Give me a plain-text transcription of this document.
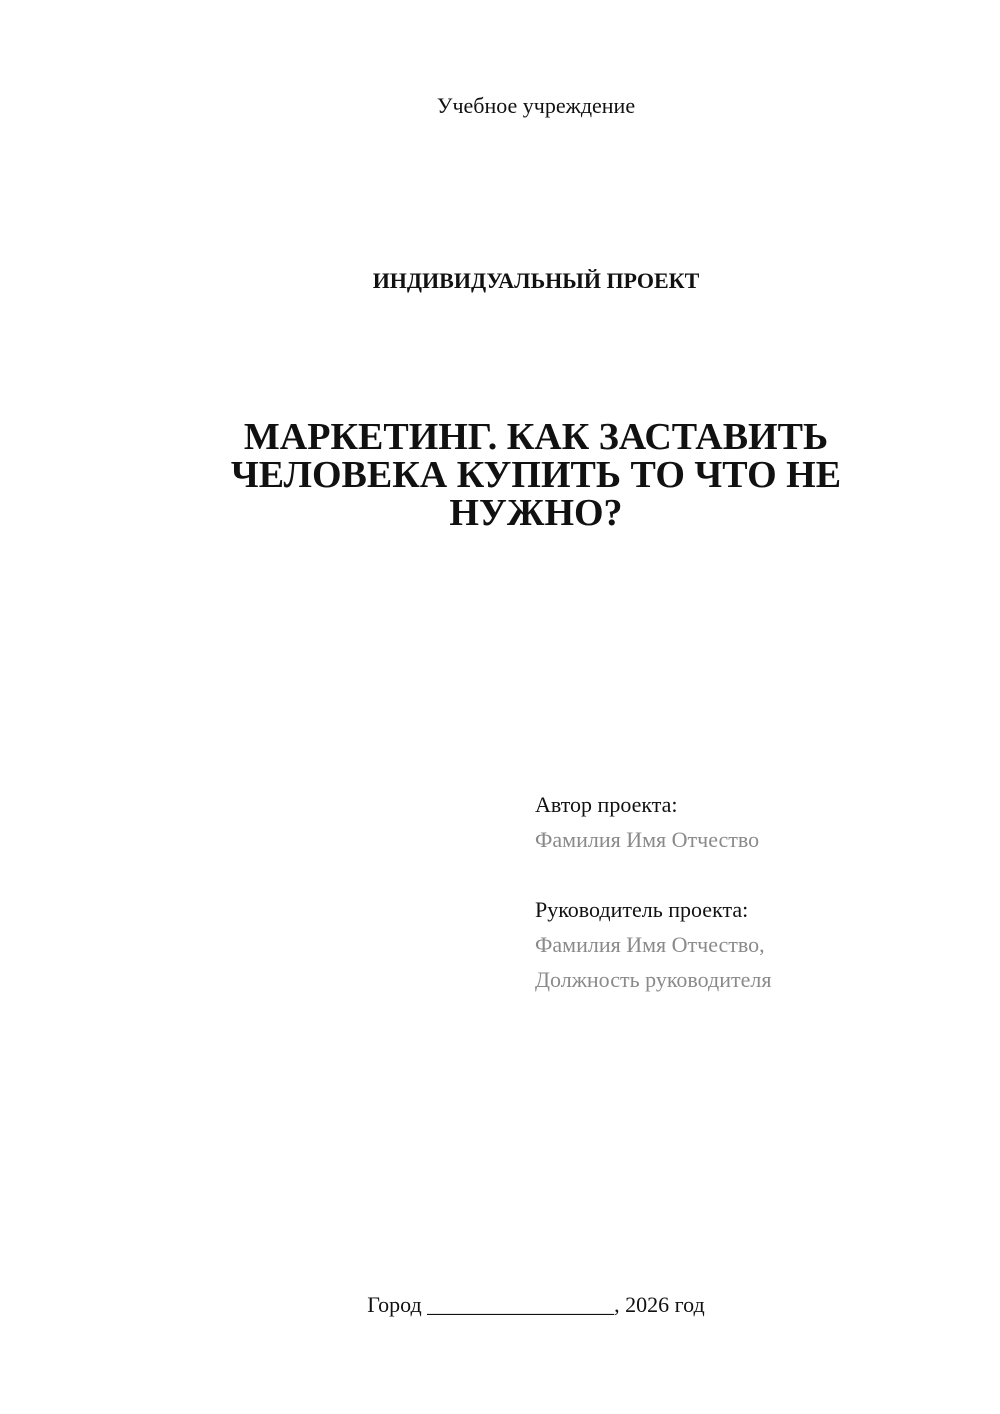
Учебное учреждение
ИНДИВИДУАЛЬНЫЙ ПРОЕКТ
МАРКЕТИНГ. КАК ЗАСТАВИТЬ
ЧЕЛОВЕКА КУПИТЬ ТО ЧТО НЕ
НУЖНО?
Автор проекта:
Фамилия Имя Отчество
Руководитель проекта:
Фамилия Имя Отчество,
Должность руководителя
Город _________________, 2026 год
